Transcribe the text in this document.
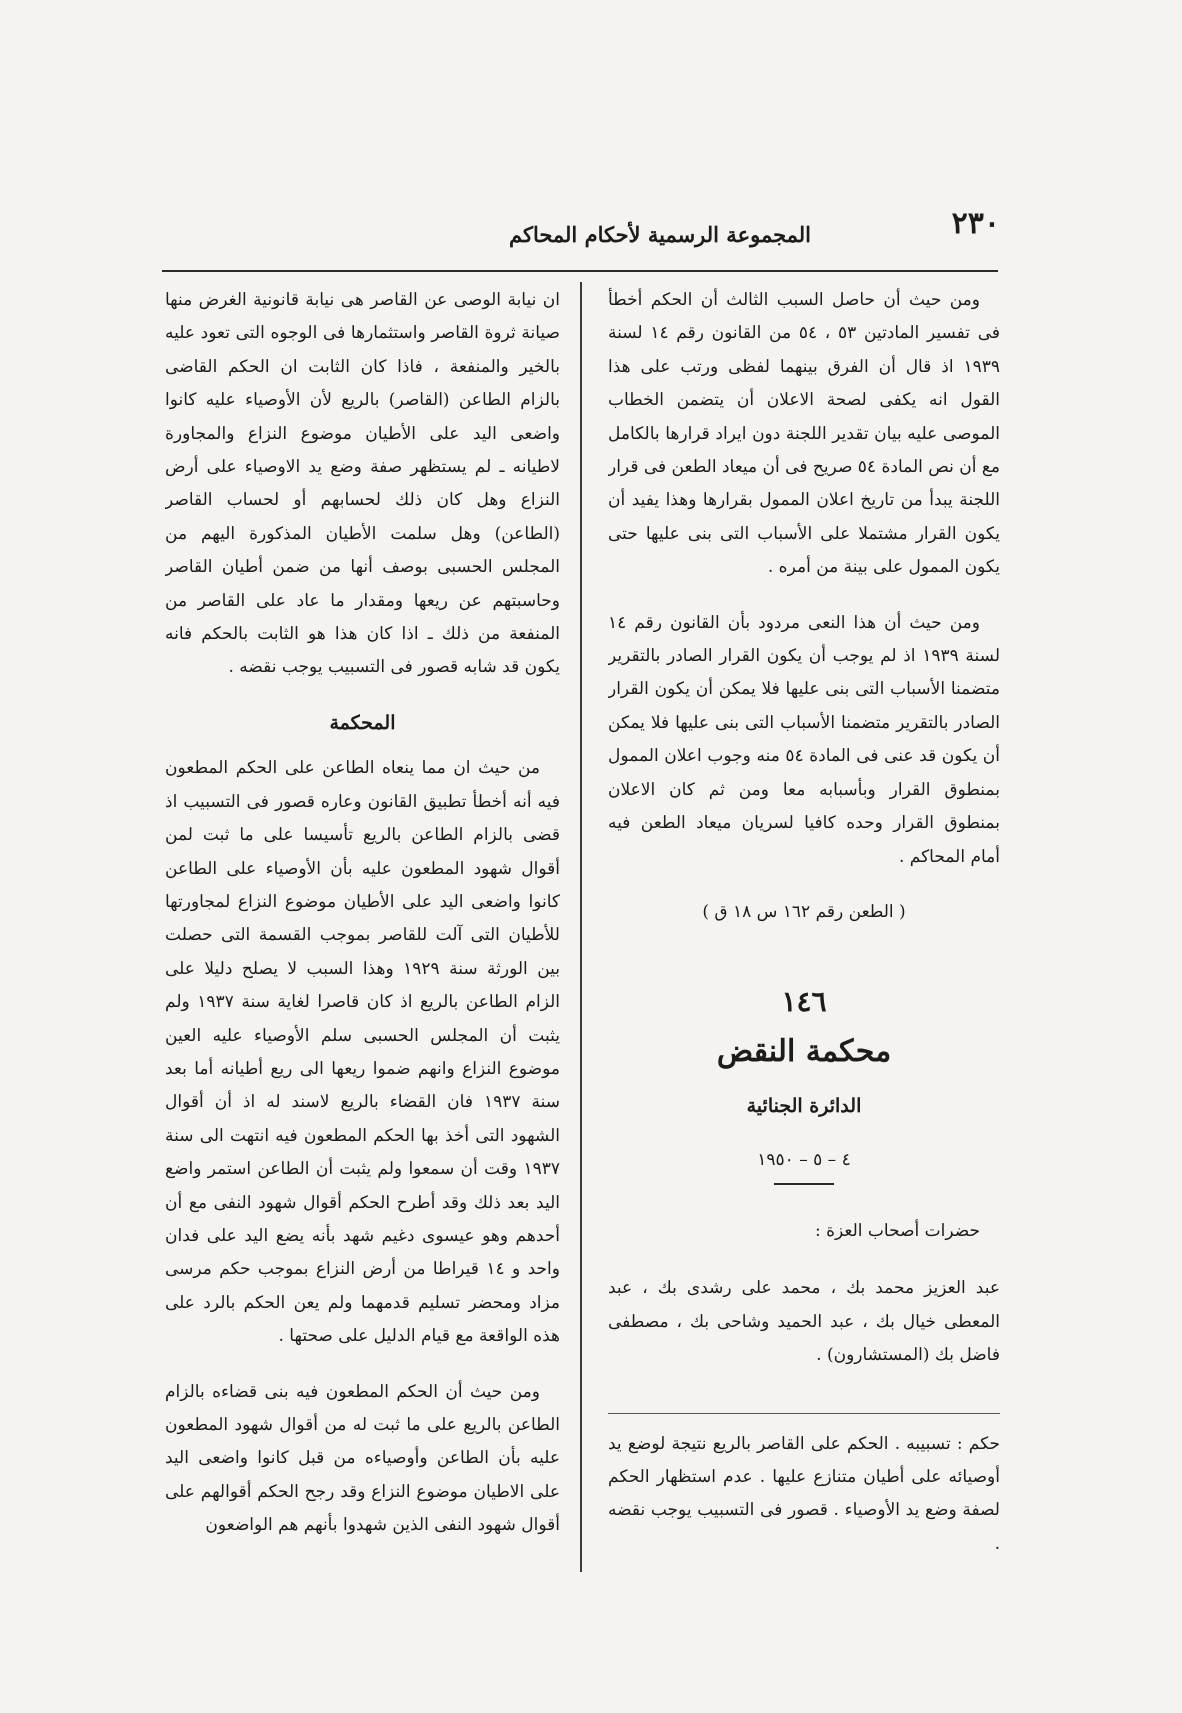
٢٣٠
المجموعة الرسمية لأحكام المحاكم

ومن حيث أن حاصل السبب الثالث أن الحكم أخطأ فى تفسير المادتين ٥٣ ، ٥٤ من القانون رقم ١٤ لسنة ١٩٣٩ اذ قال أن الفرق بينهما لفظى ورتب على هذا القول انه يكفى لصحة الاعلان أن يتضمن الخطاب الموصى عليه بيان تقدير اللجنة دون ايراد قرارها بالكامل مع أن نص المادة ٥٤ صريح فى أن ميعاد الطعن فى قرار اللجنة يبدأ من تاريخ اعلان الممول بقرارها وهذا يفيد أن يكون القرار مشتملا على الأسباب التى بنى عليها حتى يكون الممول على بينة من أمره .

ومن حيث أن هذا النعى مردود بأن القانون رقم ١٤ لسنة ١٩٣٩ اذ لم يوجب أن يكون القرار الصادر بالتقرير متضمنا الأسباب التى بنى عليها فلا يمكن أن يكون القرار الصادر بالتقرير متضمنا الأسباب التى بنى عليها فلا يمكن أن يكون قد عنى فى المادة ٥٤ منه وجوب اعلان الممول بمنطوق القرار وبأسبابه معا ومن ثم كان الاعلان بمنطوق القرار وحده كافيا لسريان ميعاد الطعن فيه أمام المحاكم .

( الطعن رقم ١٦٢ س ١٨ ق )

١٤٦
محكمة النقض
الدائرة الجنائية
٤ – ٥ – ١٩٥٠

حضرات أصحاب العزة :

عبد العزيز محمد بك ، محمد على رشدى بك ، عبد المعطى خيال بك ، عبد الحميد وشاحى بك ، مصطفى فاضل بك (المستشارون) .

حكم : تسبيبه . الحكم على القاصر بالريع نتيجة لوضع يد أوصيائه على أطيان متنازع عليها . عدم استظهار الحكم لصفة وضع يد الأوصياء . قصور فى التسبيب يوجب نقضه .

ان نيابة الوصى عن القاصر هى نيابة قانونية الغرض منها صيانة ثروة القاصر واستثمارها فى الوجوه التى تعود عليه بالخير والمنفعة ، فاذا كان الثابت ان الحكم القاضى بالزام الطاعن (القاصر) بالريع لأن الأوصياء عليه كانوا واضعى اليد على الأطيان موضوع النزاع والمجاورة لاطيانه ـ لم يستظهر صفة وضع يد الاوصياء على أرض النزاع وهل كان ذلك لحسابهم أو لحساب القاصر (الطاعن) وهل سلمت الأطيان المذكورة اليهم من المجلس الحسبى بوصف أنها من ضمن أطيان القاصر وحاسبتهم عن ريعها ومقدار ما عاد على القاصر من المنفعة من ذلك ـ اذا كان هذا هو الثابت بالحكم فانه يكون قد شابه قصور فى التسبيب يوجب نقضه .

المحكمة

من حيث ان مما ينعاه الطاعن على الحكم المطعون فيه أنه أخطأ تطبيق القانون وعاره قصور فى التسبيب اذ قضى بالزام الطاعن بالريع تأسيسا على ما ثبت لمن أقوال شهود المطعون عليه بأن الأوصياء على الطاعن كانوا واضعى اليد على الأطيان موضوع النزاع لمجاورتها للأطيان التى آلت للقاصر بموجب القسمة التى حصلت بين الورثة سنة ١٩٢٩ وهذا السبب لا يصلح دليلا على الزام الطاعن بالريع اذ كان قاصرا لغاية سنة ١٩٣٧ ولم يثبت أن المجلس الحسبى سلم الأوصياء عليه العين موضوع النزاع وانهم ضموا ريعها الى ريع أطيانه أما بعد سنة ١٩٣٧ فان القضاء بالريع لاسند له اذ أن أقوال الشهود التى أخذ بها الحكم المطعون فيه انتهت الى سنة ١٩٣٧ وقت أن سمعوا ولم يثبت أن الطاعن استمر واضع اليد بعد ذلك وقد أطرح الحكم أقوال شهود النفى مع أن أحدهم وهو عيسوى دغيم شهد بأنه يضع اليد على فدان واحد و ١٤ قيراطا من أرض النزاع بموجب حكم مرسى مزاد ومحضر تسليم قدمهما ولم يعن الحكم بالرد على هذه الواقعة مع قيام الدليل على صحتها .

ومن حيث أن الحكم المطعون فيه بنى قضاءه بالزام الطاعن بالريع على ما ثبت له من أقوال شهود المطعون عليه بأن الطاعن وأوصياءه من قبل كانوا واضعى اليد على الاطيان موضوع النزاع وقد رجح الحكم أقوالهم على أقوال شهود النفى الذين شهدوا بأنهم هم الواضعون
